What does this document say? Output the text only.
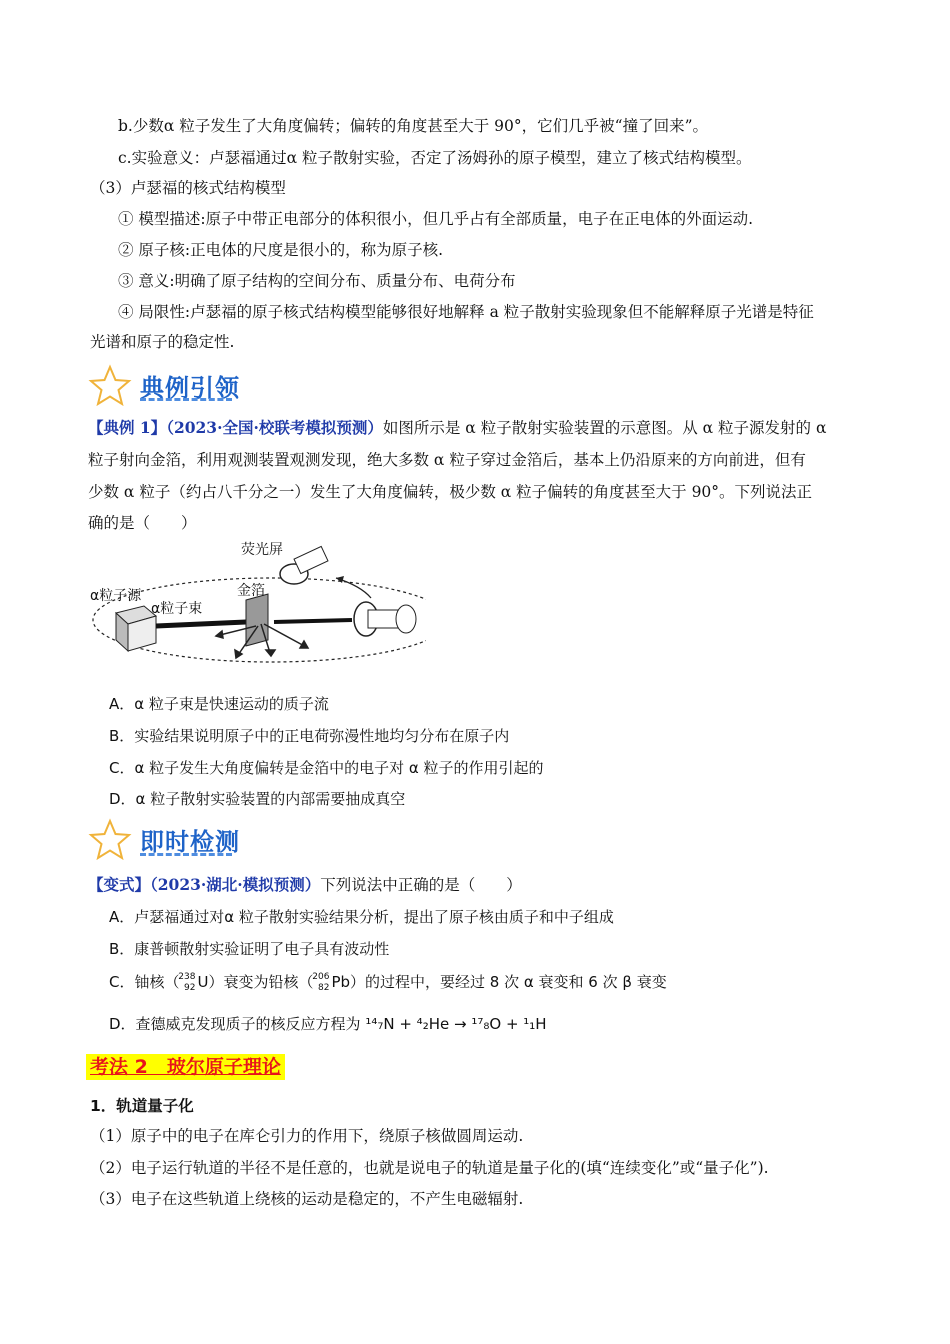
b.少数α 粒子发生了大角度偏转；偏转的角度甚至大于 90°，它们几乎被“撞了回来”。
c.实验意义：卢瑟福通过α 粒子散射实验，否定了汤姆孙的原子模型，建立了核式结构模型。
（3）卢瑟福的核式结构模型
① 模型描述:原子中带正电部分的体积很小，但几乎占有全部质量，电子在正电体的外面运动.
② 原子核:正电体的尺度是很小的，称为原子核.
③ 意义:明确了原子结构的空间分布、质量分布、电荷分布
④ 局限性:卢瑟福的原子核式结构模型能够很好地解释 a 粒子散射实验现象但不能解释原子光谱是特征
光谱和原子的稳定性.
典例引领
【典例 1】（2023·全国·校联考模拟预测）如图所示是 α 粒子散射实验装置的示意图。从 α 粒子源发射的 α
粒子射向金箔，利用观测装置观测发现，绝大多数 α 粒子穿过金箔后，基本上仍沿原来的方向前进，但有
少数 α 粒子（约占八千分之一）发生了大角度偏转，极少数 α 粒子偏转的角度甚至大于 90°。下列说法正
确的是（　　）
荧光屏
α粒子源
α粒子束
金箔
A．α 粒子束是快速运动的质子流
B．实验结果说明原子中的正电荷弥漫性地均匀分布在原子内
C．α 粒子发生大角度偏转是金箔中的电子对 α 粒子的作用引起的
D．α 粒子散射实验装置的内部需要抽成真空
即时检测
【变式】（2023·湖北·模拟预测）下列说法中正确的是（　　）
A．卢瑟福通过对α 粒子散射实验结果分析，提出了原子核由质子和中子组成
B．康普顿散射实验证明了电子具有波动性
C．铀核（
238
92 U）衰变为铅核（
206
82 Pb）的过程中，要经过 8 次 α 衰变和 6 次 β 衰变
D．查德威克发现质子的核反应方程为 ¹⁴₇N + ⁴₂He → ¹⁷₈O + ¹₁H
考法 2　玻尔原子理论
1．轨道量子化
（1）原子中的电子在库仑引力的作用下，绕原子核做圆周运动.
（2）电子运行轨道的半径不是任意的，也就是说电子的轨道是量子化的(填“连续变化”或“量子化”).
（3）电子在这些轨道上绕核的运动是稳定的，不产生电磁辐射.
